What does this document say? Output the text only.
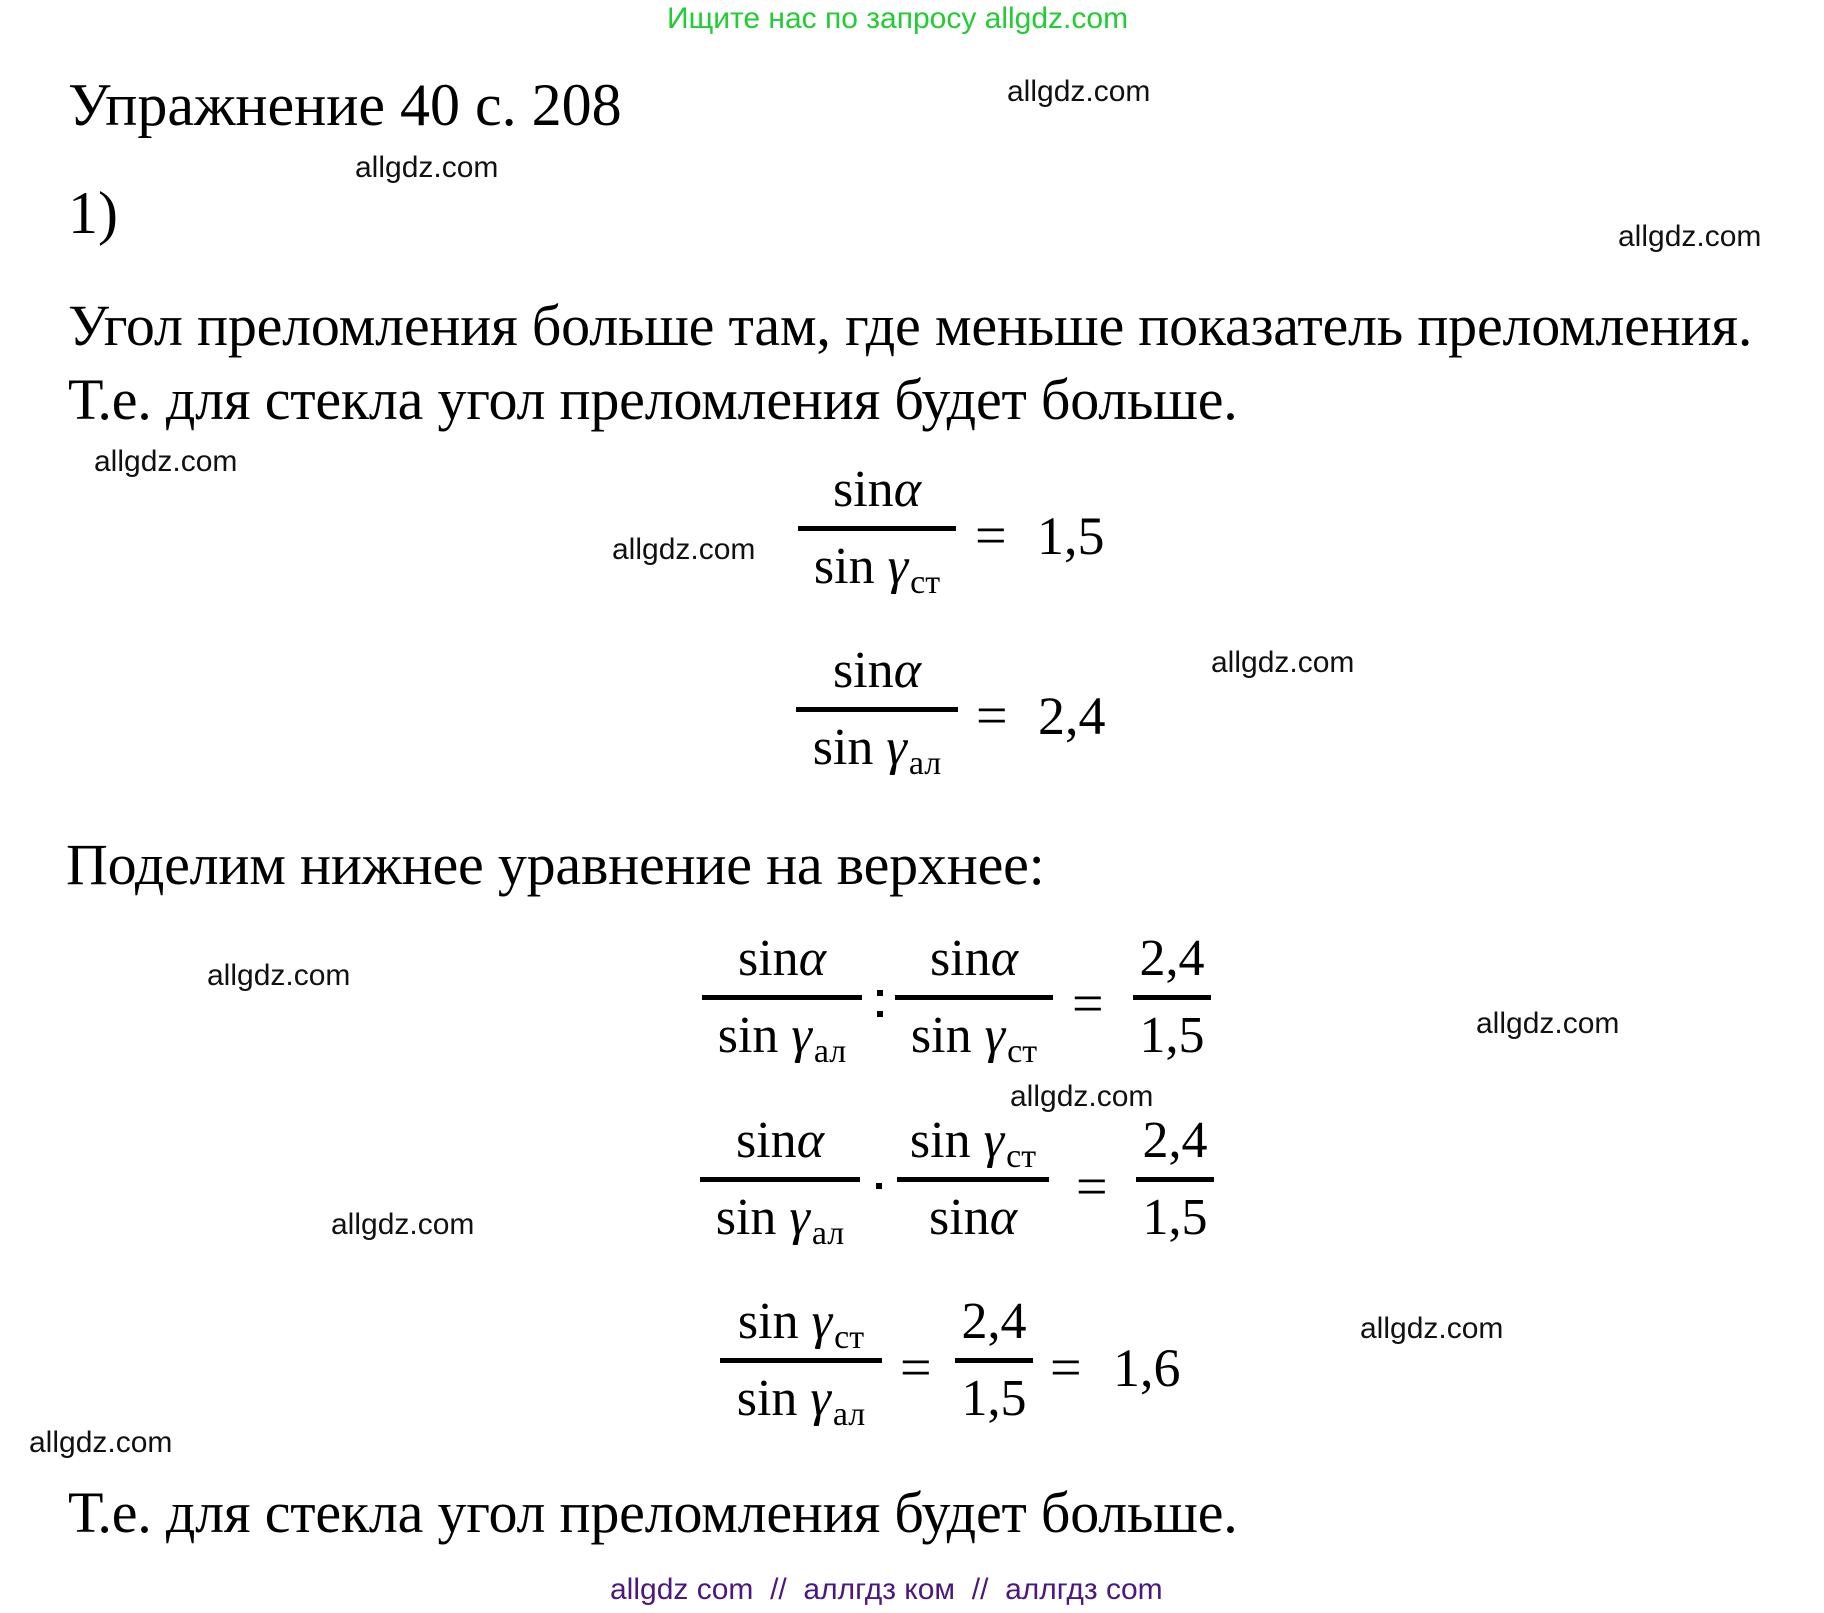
Ищите нас по запросу allgdz.com
Упражнение 40 с. 208
1)
Угол преломления больше там, где меньше показатель преломления.
Т.е. для стекла угол преломления будет больше.
sin α
sin
γ ст
= 1,5
sin α
sin
γ ал
= 2,4
Поделим нижнее уравнение на верхнее:
sin α
sin
γ ал
sin α
sin
γ ст
=
2,4
1,5
sin α
sin
γ ал
sin
γ ст
sin α =
2,4
1,5
sin
γ ст
sin
γ ал
=
2,4
1,5 = 1,6
Т.е. для стекла угол преломления будет больше.
allgdz.com
allgdz.com
allgdz.com
allgdz.com
allgdz.com
allgdz.com
allgdz.com
allgdz.com
allgdz.com
allgdz.com
allgdz.com
allgdz.com
allgdz com  //  аллгдз ком  //  аллгдз com
